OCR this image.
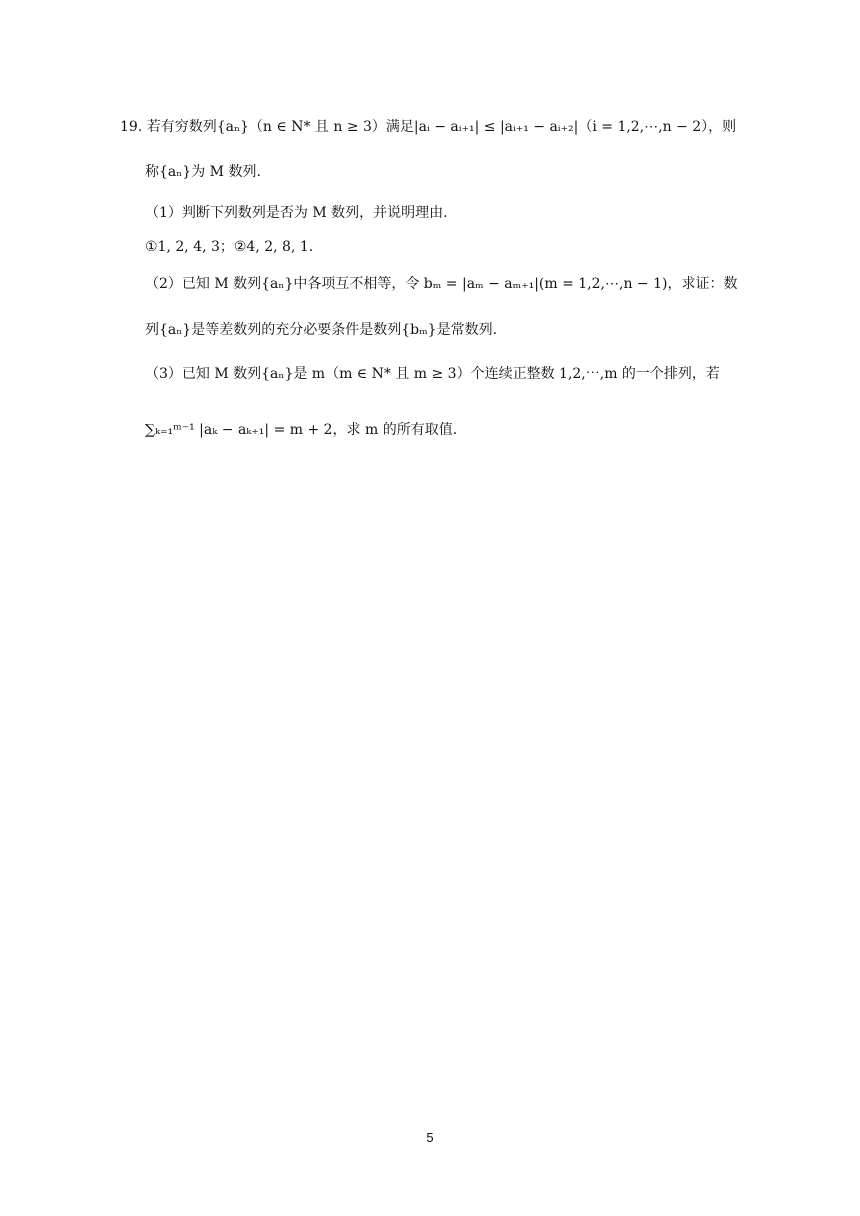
19. 若有穷数列{aₙ}（n ∈ N* 且 n ≥ 3）满足|aᵢ − aᵢ₊₁| ≤ |aᵢ₊₁ − aᵢ₊₂|（i = 1,2,⋯,n − 2），则
称{aₙ}为 M 数列.
（1）判断下列数列是否为 M 数列，并说明理由.
①1, 2, 4, 3；②4, 2, 8, 1.
（2）已知 M 数列{aₙ}中各项互不相等，令 bₘ = |aₘ − aₘ₊₁|(m = 1,2,⋯,n − 1)，求证：数
列{aₙ}是等差数列的充分必要条件是数列{bₘ}是常数列.
（3）已知 M 数列{aₙ}是 m（m ∈ N* 且 m ≥ 3）个连续正整数 1,2,⋯,m 的一个排列，若
∑ₖ₌₁ᵐ⁻¹ |aₖ − aₖ₊₁| = m + 2，求 m 的所有取值.
5
